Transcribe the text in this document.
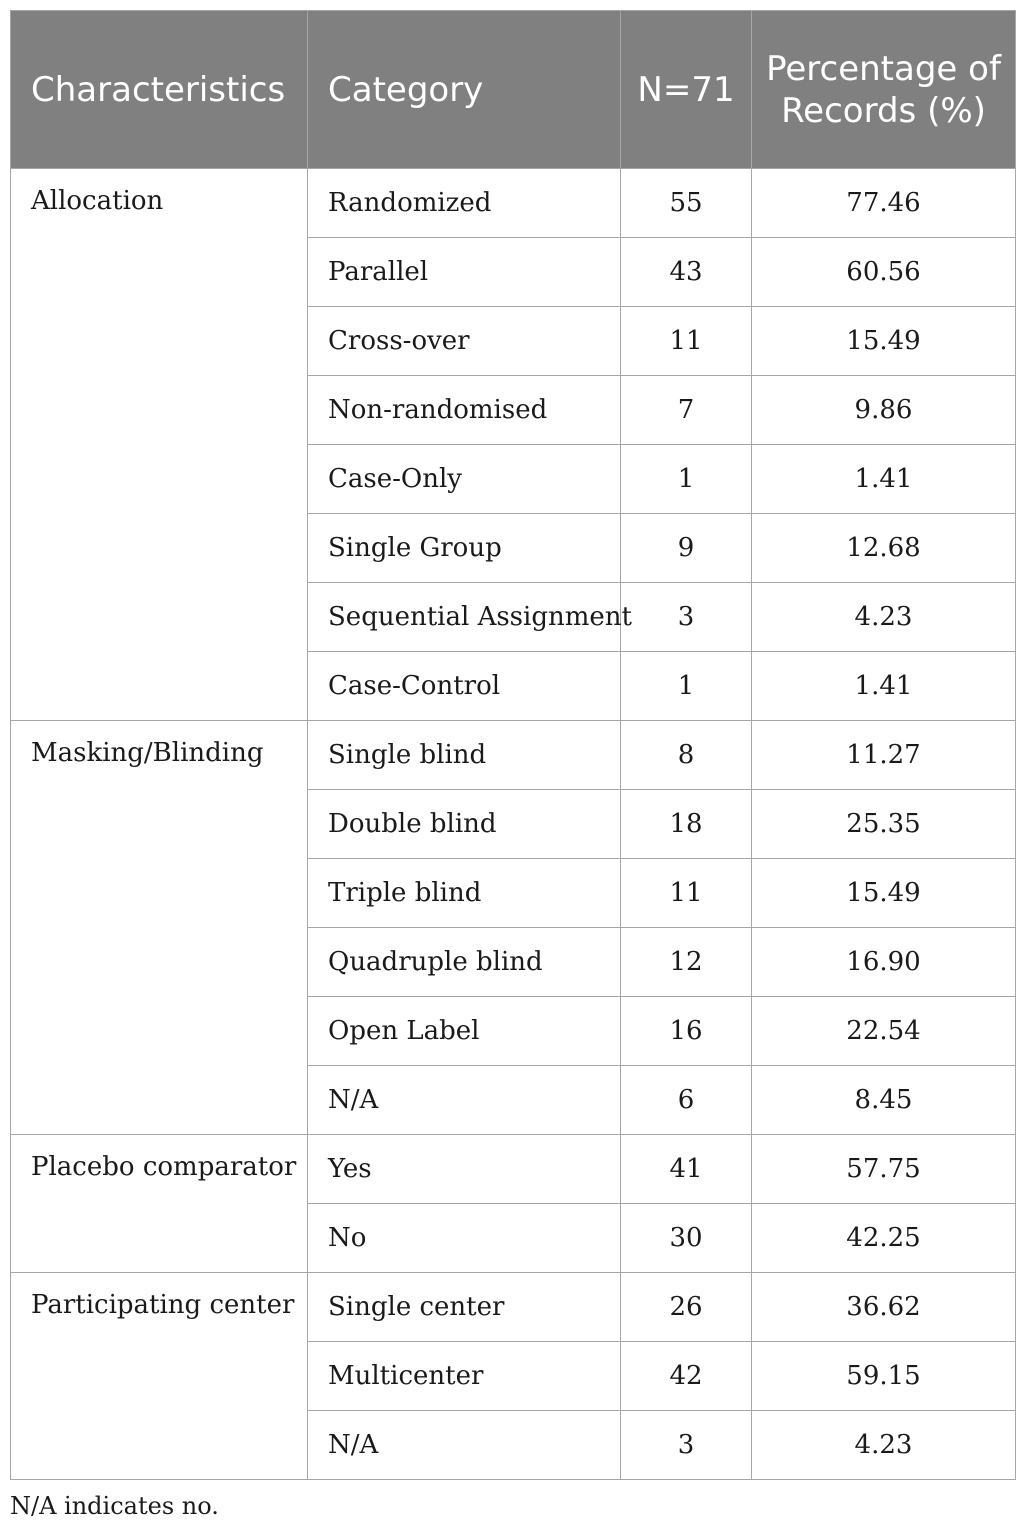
Characteristics	Category	N=71	Percentage of Records (%)
Allocation	Randomized	55	77.46
	Parallel	43	60.56
	Cross-over	11	15.49
	Non-randomised	7	9.86
	Case-Only	1	1.41
	Single Group	9	12.68
	Sequential Assignment	3	4.23
	Case-Control	1	1.41
Masking/Blinding	Single blind	8	11.27
	Double blind	18	25.35
	Triple blind	11	15.49
	Quadruple blind	12	16.90
	Open Label	16	22.54
	N/A	6	8.45
Placebo comparator	Yes	41	57.75
	No	30	42.25
Participating center	Single center	26	36.62
	Multicenter	42	59.15
	N/A	3	4.23
N/A indicates no.
